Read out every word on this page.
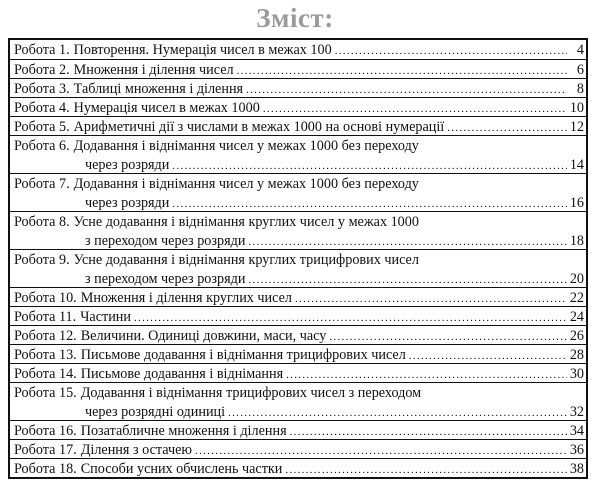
Зміст:
Робота 1. Повторення. Нумерація чисел в межах 100 .....	4
Робота 2. Множення і ділення чисел .....	6
Робота 3. Таблиці множення і ділення .....	8
Робота 4. Нумерація чисел в межах 1000 .....	10
Робота 5. Арифметичні дії з числами в межах 1000 на основі нумерації .....	12
Робота 6. Додавання і віднімання чисел у межах 1000 без переходу
через розряди .....	14
Робота 7. Додавання і віднімання чисел у межах 1000 без переходу
через розряди .....	16
Робота 8. Усне додавання і віднімання круглих чисел у межах 1000
з переходом через розряди .....	18
Робота 9. Усне додавання і віднімання круглих трицифрових чисел
з переходом через розряди .....	20
Робота 10. Множення і ділення круглих чисел .....	22
Робота 11. Частини .....	24
Робота 12. Величини. Одиниці довжини, маси, часу .....	26
Робота 13. Письмове додавання і віднімання трицифрових чисел .....	28
Робота 14. Письмове додавання і віднімання .....	30
Робота 15. Додавання і віднімання трицифрових чисел з переходом
через розрядні одиниці .....	32
Робота 16. Позатабличне множення і ділення .....	34
Робота 17. Ділення з остачею .....	36
Робота 18. Способи усних обчислень частки .....	38
